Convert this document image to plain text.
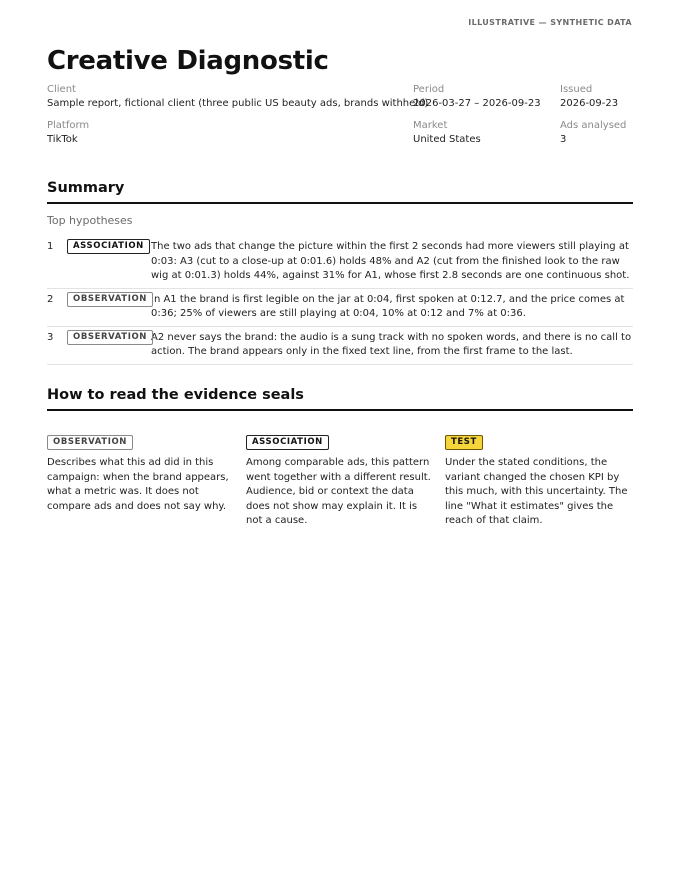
ILLUSTRATIVE — SYNTHETIC DATA
Creative Diagnostic
Client
Sample report, fictional client (three public US beauty ads, brands withheld)
Period
2026-03-27 – 2026-09-23
Issued
2026-09-23
Platform
TikTok
Market
United States
Ads analysed
3
Summary
Top hypotheses
1	ASSOCIATION The two ads that change the picture within the first 2 seconds had more viewers still playing at 0:03: A3 (cut to a close-up at 0:01.6) holds 48% and A2 (cut from the finished look to the raw wig at 0:01.3) holds 44%, against 31% for A1, whose first 2.8 seconds are one continuous shot.
2	OBSERVATION In A1 the brand is first legible on the jar at 0:04, first spoken at 0:12.7, and the price comes at 0:36; 25% of viewers are still playing at 0:04, 10% at 0:12 and 7% at 0:36.
3	OBSERVATION A2 never says the brand: the audio is a sung track with no spoken words, and there is no call to action. The brand appears only in the fixed text line, from the first frame to the last.
How to read the evidence seals
OBSERVATION
Describes what this ad did in this campaign: when the brand appears, what a metric was. It does not compare ads and does not say why.
ASSOCIATION
Among comparable ads, this pattern went together with a different result. Audience, bid or context the data does not show may explain it. It is not a cause.
TEST
Under the stated conditions, the variant changed the chosen KPI by this much, with this uncertainty. The line "What it estimates" gives the reach of that claim.
